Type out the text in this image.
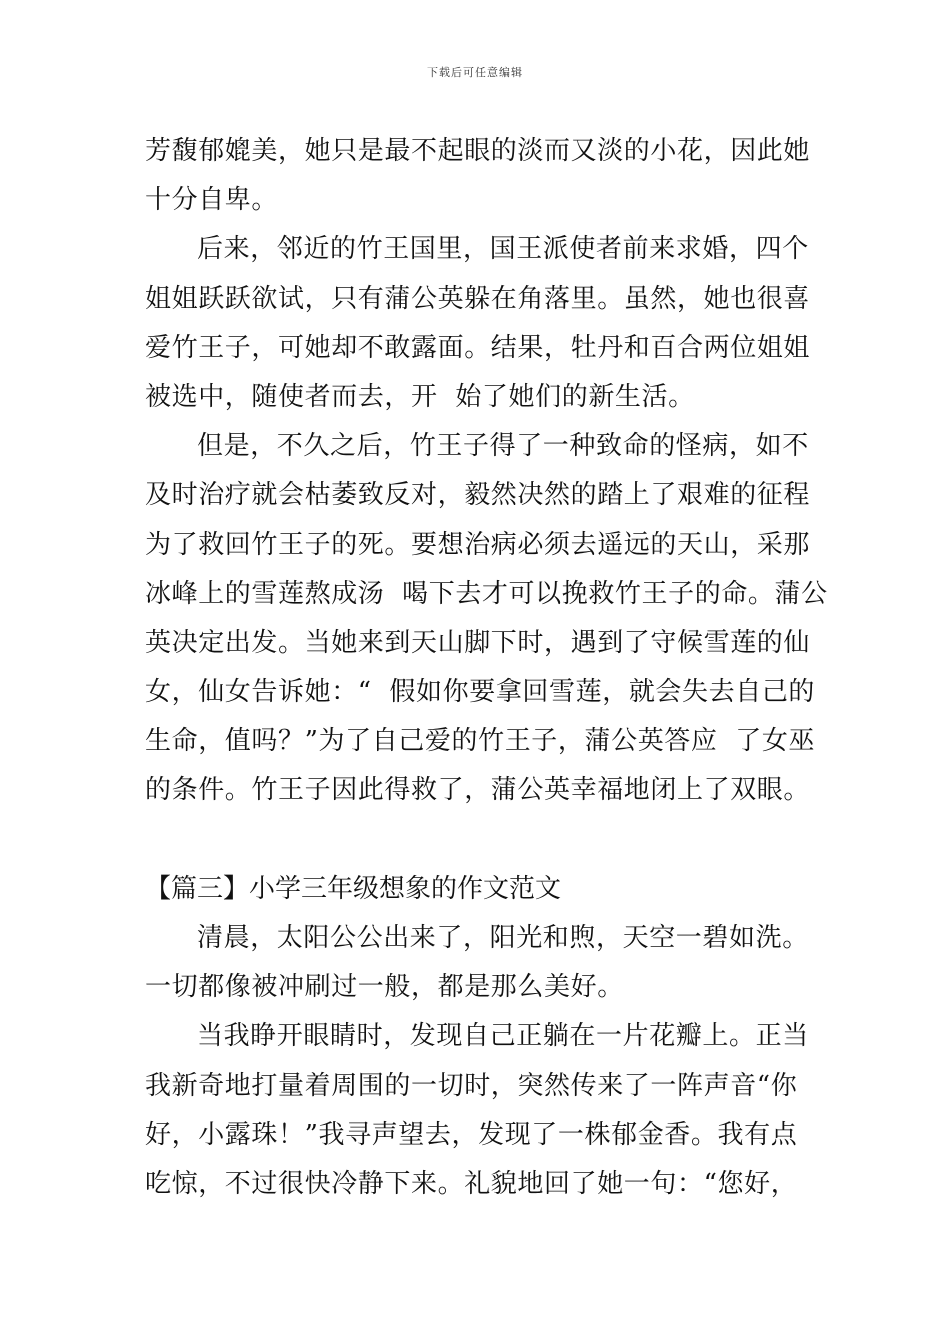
下载后可任意编辑
芳馥郁媲美，她只是最不起眼的淡而又淡的小花，因此她
十分自卑。
后来，邻近的竹王国里，国王派使者前来求婚，四个
姐姐跃跃欲试，只有蒲公英躲在角落里。虽然，她也很喜
爱竹王子，可她却不敢露面。结果，牡丹和百合两位姐姐
被选中，随使者而去，开  始了她们的新生活。
但是，不久之后，竹王子得了一种致命的怪病，如不
及时治疗就会枯萎致反对，毅然决然的踏上了艰难的征程
为了救回竹王子的死。要想治病必须去遥远的天山，采那
冰峰上的雪莲熬成汤  喝下去才可以挽救竹王子的命。蒲公
英决定出发。当她来到天山脚下时，遇到了守候雪莲的仙
女，仙女告诉她：“  假如你要拿回雪莲，就会失去自己的
生命，值吗？”为了自己爱的竹王子，蒲公英答应  了女巫
的条件。竹王子因此得救了，蒲公英幸福地闭上了双眼。
【篇三】小学三年级想象的作文范文
清晨，太阳公公出来了，阳光和煦，天空一碧如洗。
一切都像被冲刷过一般，都是那么美好。
当我睁开眼睛时，发现自己正躺在一片花瓣上。正当
我新奇地打量着周围的一切时，突然传来了一阵声音“你
好，小露珠！”我寻声望去，发现了一株郁金香。我有点
吃惊，不过很快冷静下来。礼貌地回了她一句：“您好，
